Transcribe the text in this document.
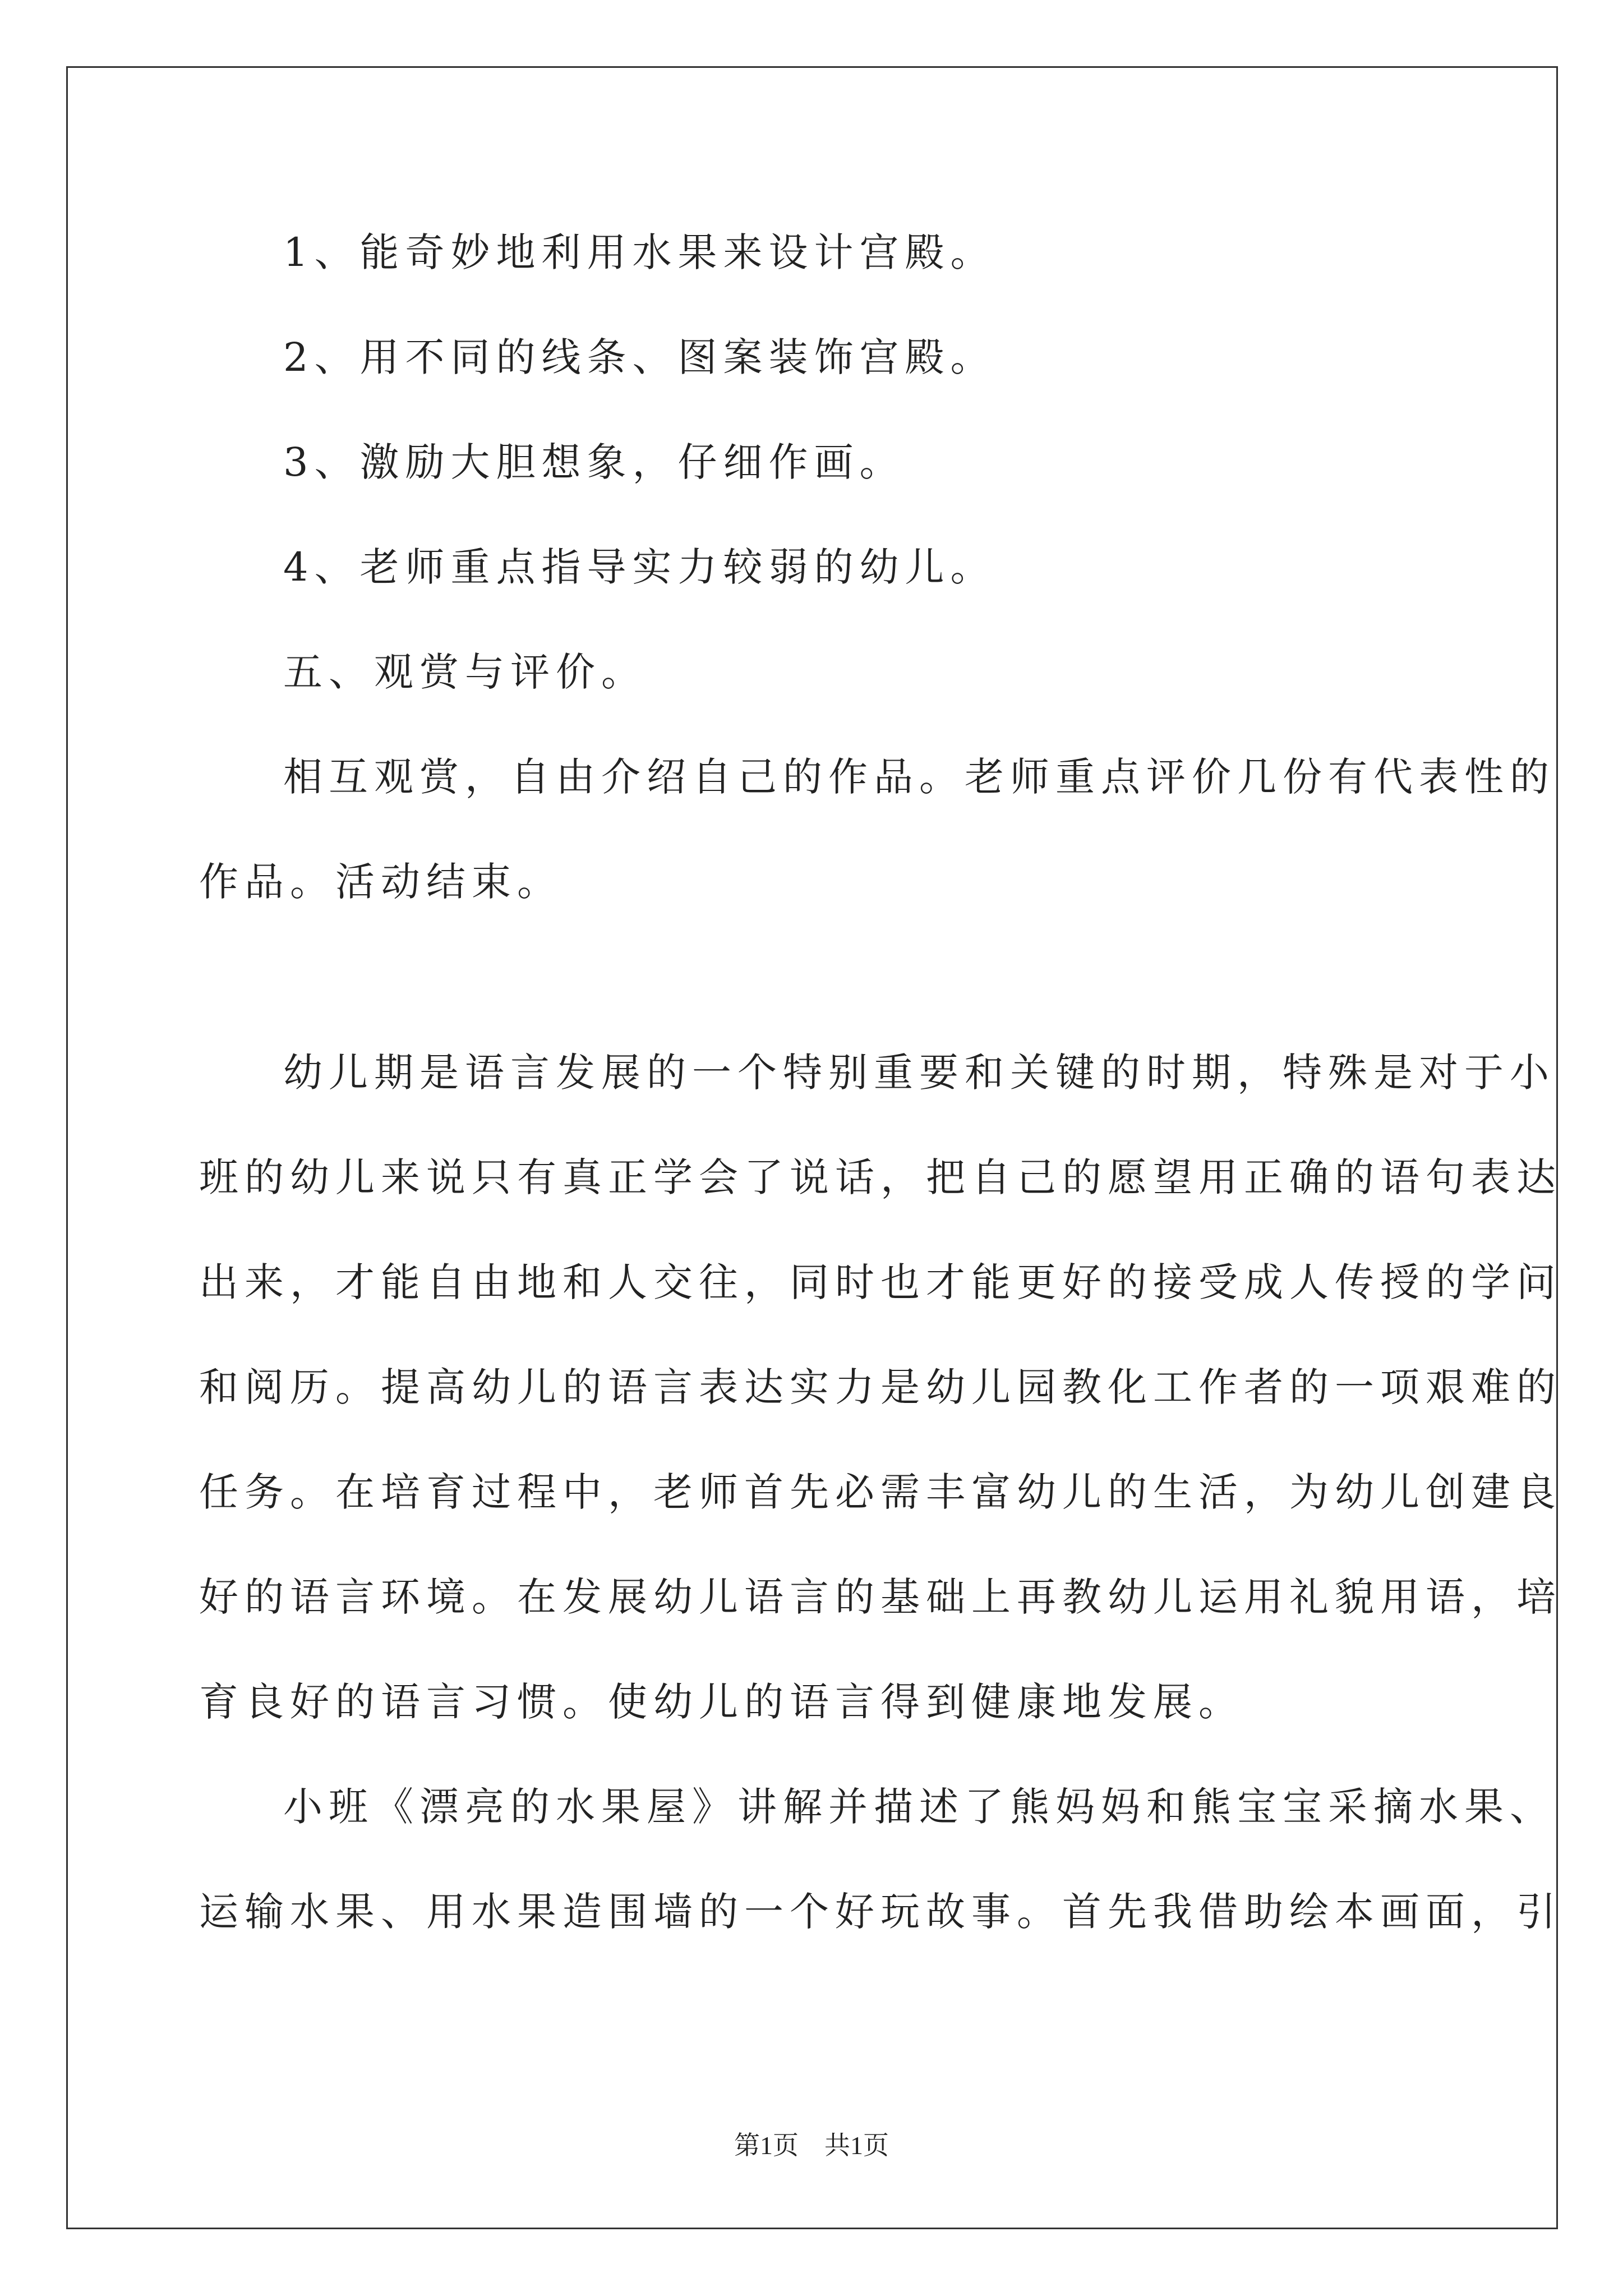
1、能奇妙地利用水果来设计宫殿。
2、用不同的线条、图案装饰宫殿。
3、激励大胆想象，仔细作画。
4、老师重点指导实力较弱的幼儿。
五、观赏与评价。
相互观赏，自由介绍自己的作品。老师重点评价几份有代表性的
作品。活动结束。
幼儿期是语言发展的一个特别重要和关键的时期，特殊是对于小
班的幼儿来说只有真正学会了说话，把自己的愿望用正确的语句表达
出来，才能自由地和人交往，同时也才能更好的接受成人传授的学问
和阅历。提高幼儿的语言表达实力是幼儿园教化工作者的一项艰难的
任务。在培育过程中，老师首先必需丰富幼儿的生活，为幼儿创建良
好的语言环境。在发展幼儿语言的基础上再教幼儿运用礼貌用语，培
育良好的语言习惯。使幼儿的语言得到健康地发展。
小班《漂亮的水果屋》讲解并描述了熊妈妈和熊宝宝采摘水果、
运输水果、用水果造围墙的一个好玩故事。首先我借助绘本画面，引
第1页　共1页
